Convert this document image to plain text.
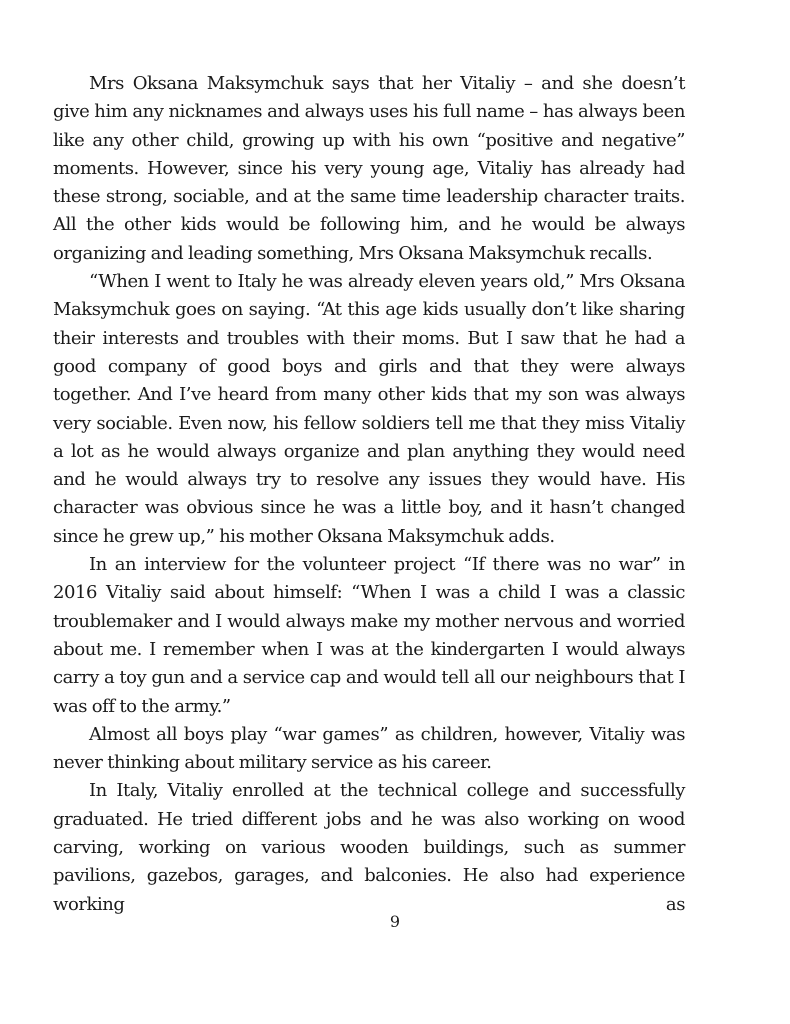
Mrs Oksana Maksymchuk says that her Vitaliy – and she doesn’t give him any nicknames and always uses his full name – has always been like any other child, growing up with his own “positive and negative” moments. However, since his very young age, Vitaliy has already had these strong, sociable, and at the same time leadership character traits. All the other kids would be following him, and he would be always organizing and leading something, Mrs Oksana Maksymchuk recalls.

“When I went to Italy he was already eleven years old,” Mrs Oksana Maksymchuk goes on saying. “At this age kids usually don’t like sharing their interests and troubles with their moms. But I saw that he had a good company of good boys and girls and that they were always together. And I’ve heard from many other kids that my son was always very sociable. Even now, his fellow soldiers tell me that they miss Vitaliy a lot as he would always organize and plan anything they would need and he would always try to resolve any issues they would have. His character was obvious since he was a little boy, and it hasn’t changed since he grew up,” his mother Oksana Maksymchuk adds.

In an interview for the volunteer project “If there was no war” in 2016 Vitaliy said about himself: “When I was a child I was a classic troublemaker and I would always make my mother nervous and worried about me. I remember when I was at the kindergarten I would always carry a toy gun and a service cap and would tell all our neighbours that I was off to the army.”

Almost all boys play “war games” as children, however, Vitaliy was never thinking about military service as his career.

In Italy, Vitaliy enrolled at the technical college and successfully graduated. He tried different jobs and he was also working on wood carving, working on various wooden buildings, such as summer pavilions, gazebos, garages, and balconies. He also had experience working as

9
